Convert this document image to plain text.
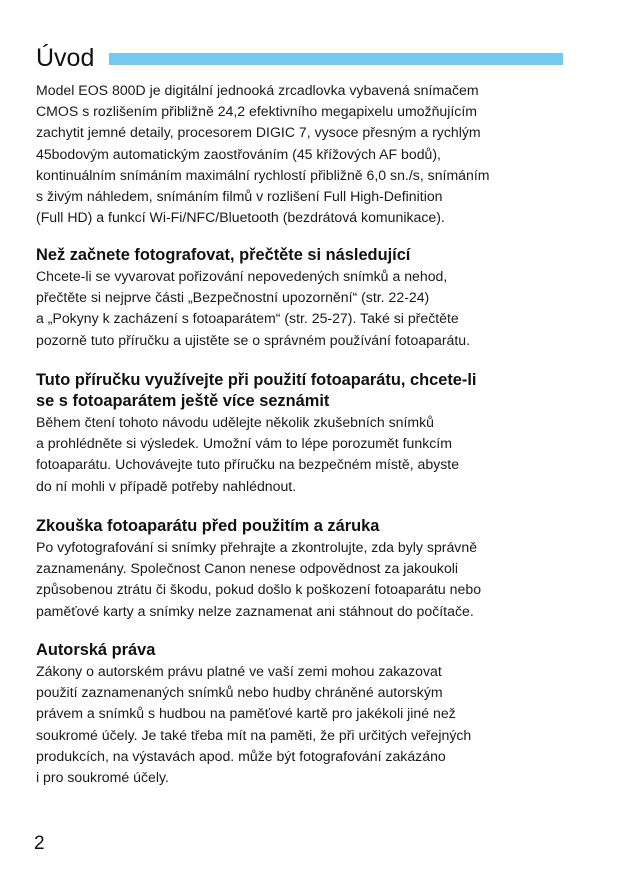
Úvod

Model EOS 800D je digitální jednooká zrcadlovka vybavená snímačem
CMOS s rozlišením přibližně 24,2 efektivního megapixelu umožňujícím
zachytit jemné detaily, procesorem DIGIC 7, vysoce přesným a rychlým
45bodovým automatickým zaostřováním (45 křížových AF bodů),
kontinuálním snímáním maximální rychlostí přibližně 6,0 sn./s, snímáním
s živým náhledem, snímáním filmů v rozlišení Full High-Definition
(Full HD) a funkcí Wi-Fi/NFC/Bluetooth (bezdrátová komunikace).

Než začnete fotografovat, přečtěte si následující

Chcete-li se vyvarovat pořizování nepovedených snímků a nehod,
přečtěte si nejprve části „Bezpečnostní upozornění“ (str. 22-24)
a „Pokyny k zacházení s fotoaparátem“ (str. 25-27). Také si přečtěte
pozorně tuto příručku a ujistěte se o správném používání fotoaparátu.

Tuto příručku využívejte při použití fotoaparátu, chcete-li
se s fotoaparátem ještě více seznámit

Během čtení tohoto návodu udělejte několik zkušebních snímků
a prohlédněte si výsledek. Umožní vám to lépe porozumět funkcím
fotoaparátu. Uchovávejte tuto příručku na bezpečném místě, abyste
do ní mohli v případě potřeby nahlédnout.

Zkouška fotoaparátu před použitím a záruka

Po vyfotografování si snímky přehrajte a zkontrolujte, zda byly správně
zaznamenány. Společnost Canon nenese odpovědnost za jakoukoli
způsobenou ztrátu či škodu, pokud došlo k poškození fotoaparátu nebo
paměťové karty a snímky nelze zaznamenat ani stáhnout do počítače.

Autorská práva

Zákony o autorském právu platné ve vaší zemi mohou zakazovat
použití zaznamenaných snímků nebo hudby chráněné autorským
právem a snímků s hudbou na paměťové kartě pro jakékoli jiné než
soukromé účely. Je také třeba mít na paměti, že při určitých veřejných
produkcích, na výstavách apod. může být fotografování zakázáno
i pro soukromé účely.

2
